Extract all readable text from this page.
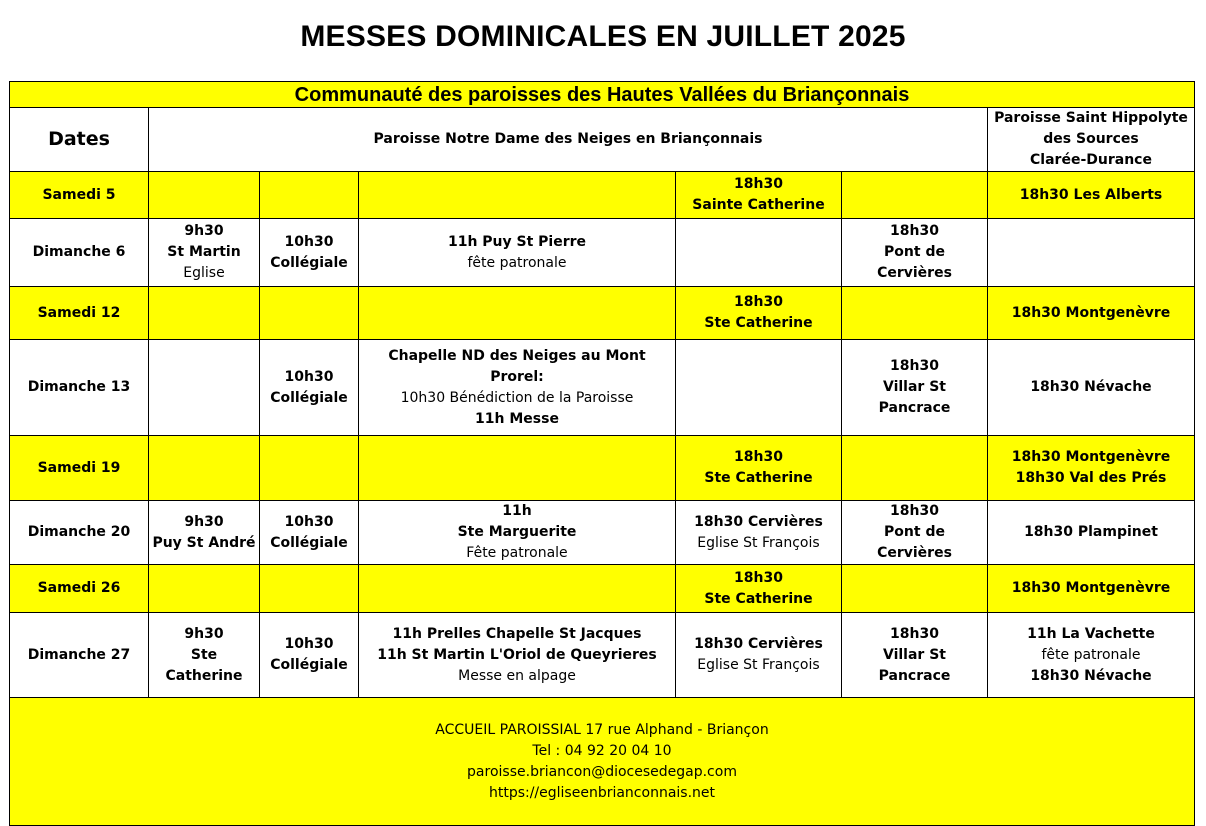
MESSES DOMINICALES EN JUILLET 2025
Communauté des paroisses des Hautes Vallées du Briançonnais						
Dates	Paroisse Notre Dame des Neiges en Briançonnais					Paroisse Saint Hippolyte
des Sources
Clarée-Durance

Samedi 5				18h30
Sainte Catherine		18h30 Les Alberts

Dimanche 6	9h30
St Martin
Eglise	10h30
Collégiale	11h Puy St Pierre
fête patronale		18h30
Pont de Cervières	

Samedi 12				18h30
Ste Catherine		18h30 Montgenèvre

Dimanche 13		10h30
Collégiale	Chapelle ND des Neiges au Mont Prorel:
10h30 Bénédiction de la Paroisse
11h Messe		18h30
Villar St Pancrace	18h30 Névache

Samedi 19				18h30
Ste Catherine		18h30 Montgenèvre
18h30 Val des Prés

Dimanche 20	9h30
Puy St André	10h30
Collégiale	11h
Ste Marguerite
Fête patronale	18h30 Cervières
Eglise St François	18h30
Pont de Cervières	18h30 Plampinet

Samedi 26				18h30
Ste Catherine		18h30 Montgenèvre

Dimanche 27	9h30
Ste Catherine	10h30
Collégiale	11h Prelles Chapelle St Jacques
11h St Martin L'Oriol de Queyrieres
Messe en alpage	18h30 Cervières
Eglise St François	18h30
Villar St Pancrace	11h La Vachette
fête patronale
18h30 Névache

ACCUEIL PAROISSIAL 17 rue Alphand - Briançon
Tel : 04 92 20 04 10
paroisse.briancon@diocesedegap.com
https://egliseenbrianconnais.net						
